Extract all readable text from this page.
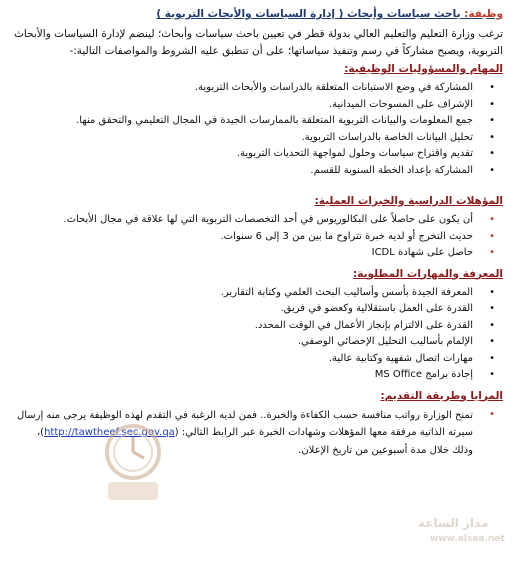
وظيفة: باحث سياسات وأبحاث ( إدارة السياسات والأبحاث التربوية )

ترغب وزارة التعليم والتعليم العالي بدولة قطر في تعيين باحث سياسات وأبحاث؛ لينضم لإدارة السياسات والأبحاث التربوية، ويصبح مشاركاً في رسم وتنفيذ سياساتها؛ على أن تنطبق عليه الشروط والمواصفات التالية:-

المهام والمسؤوليات الوظيفية:
•
المشاركة في وضع الاستبانات المتعلقة بالدراسات والأبحاث التربوية.
•
الإشراف على المسوحات الميدانية.
•
جمع المعلومات والبيانات التربوية المتعلقة بالممارسات الجيدة في المجال التعليمي والتحقق منها.
•
تحليل البيانات الخاصة بالدراسات التربوية.
•
تقديم واقتراح سياسات وحلول لمواجهة التحديات التربوية.
•
المشاركة بإعداد الخطة السنوية للقسم.
المؤهلات الدراسية والخبرات العملية:
•
أن يكون على حاصلاً على البكالوريوس في أحد التخصصات التربوية التي لها علاقة في مجال الأبحاث.
•
حديث التخرج أو لديه خبرة تتراوح ما بين من 3 إلى 6 سنوات.
•
حاصل على شهادة ICDL
المعرفة والمهارات المطلوبة:
•
المعرفة الجيدة بأسس وأساليب البحث العلمي وكتابة التقارير.
•
القدرة على العمل باستقلالية وكعضو في فريق.
•
القدرة على الالتزام بإنجاز الأعمال في الوقت المحدد.
•
الإلمام بأساليب التحليل الإحصائي الوصفي.
•
مهارات اتصال شفهية وكتابية عالية.
•
إجادة برامج MS Office
المزايا وطريقة التقديم:
•
تمنح الوزارة رواتب منافسة حسب الكفاءة والخبرة.. فمن لديه الرغبة في التقدم لهذه الوظيفة يرجى منه إرسال سيرته الذاتية مرفقة معها المؤهلات وشهادات الخبرة عبر الرابط التالي: (http://tawtheef.sec.gov.qa)، وذلك خلال مدة أسبوعين من تاريخ الإعلان.
مدار الساعة
www.alsaa.net
